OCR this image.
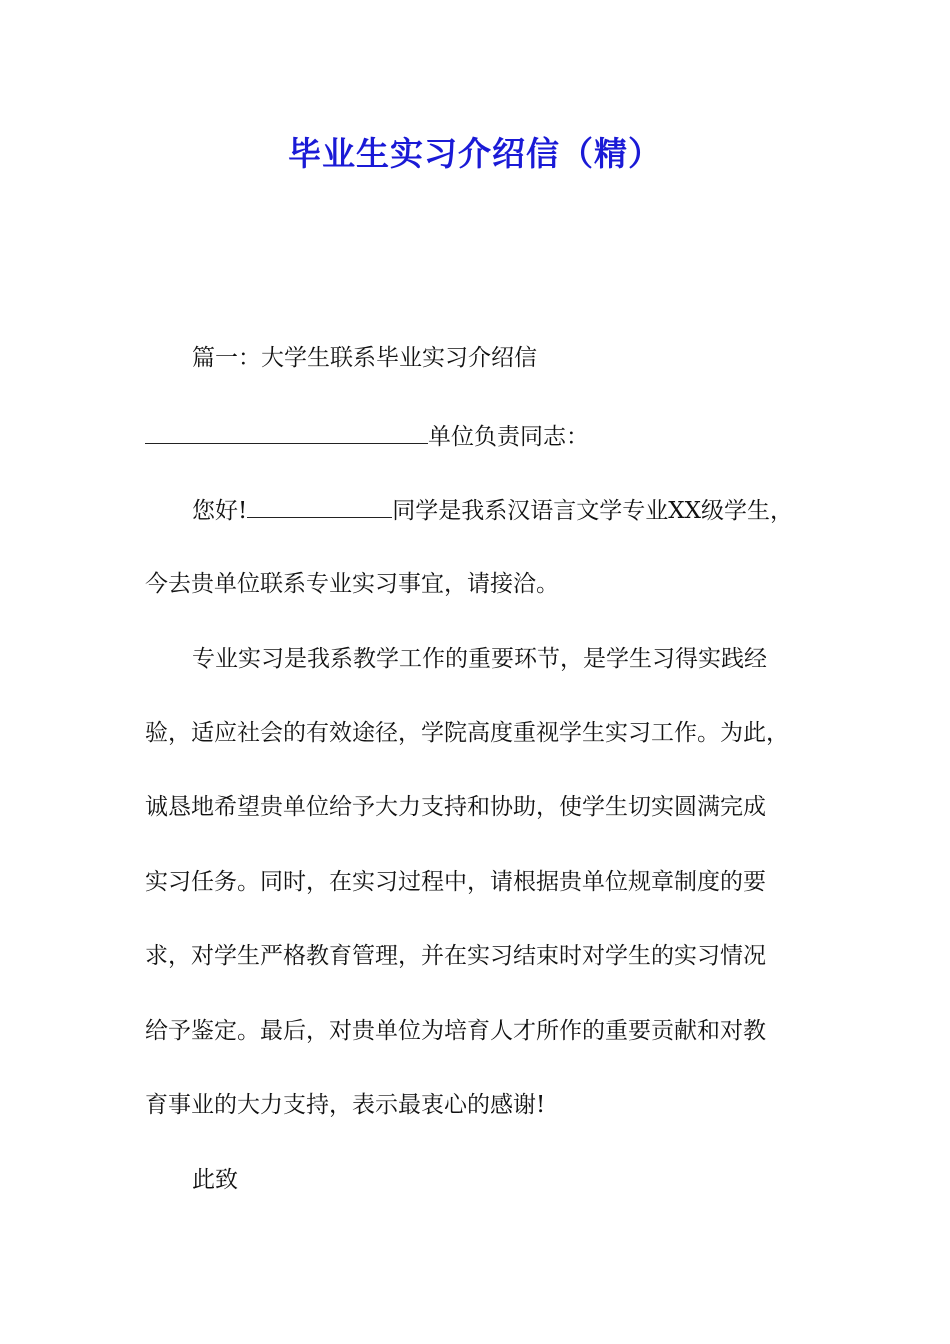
毕业生实习介绍信（精）

篇一：大学生联系毕业实习介绍信

单位负责同志：

您好!	同学是我系汉语言文学专业XX级学生，

今去贵单位联系专业实习事宜，请接洽。

专业实习是我系教学工作的重要环节，是学生习得实践经

验，适应社会的有效途径，学院高度重视学生实习工作。为此，

诚恳地希望贵单位给予大力支持和协助，使学生切实圆满完成

实习任务。同时，在实习过程中，请根据贵单位规章制度的要

求，对学生严格教育管理，并在实习结束时对学生的实习情况

给予鉴定。最后，对贵单位为培育人才所作的重要贡献和对教

育事业的大力支持，表示最衷心的感谢!

此致
